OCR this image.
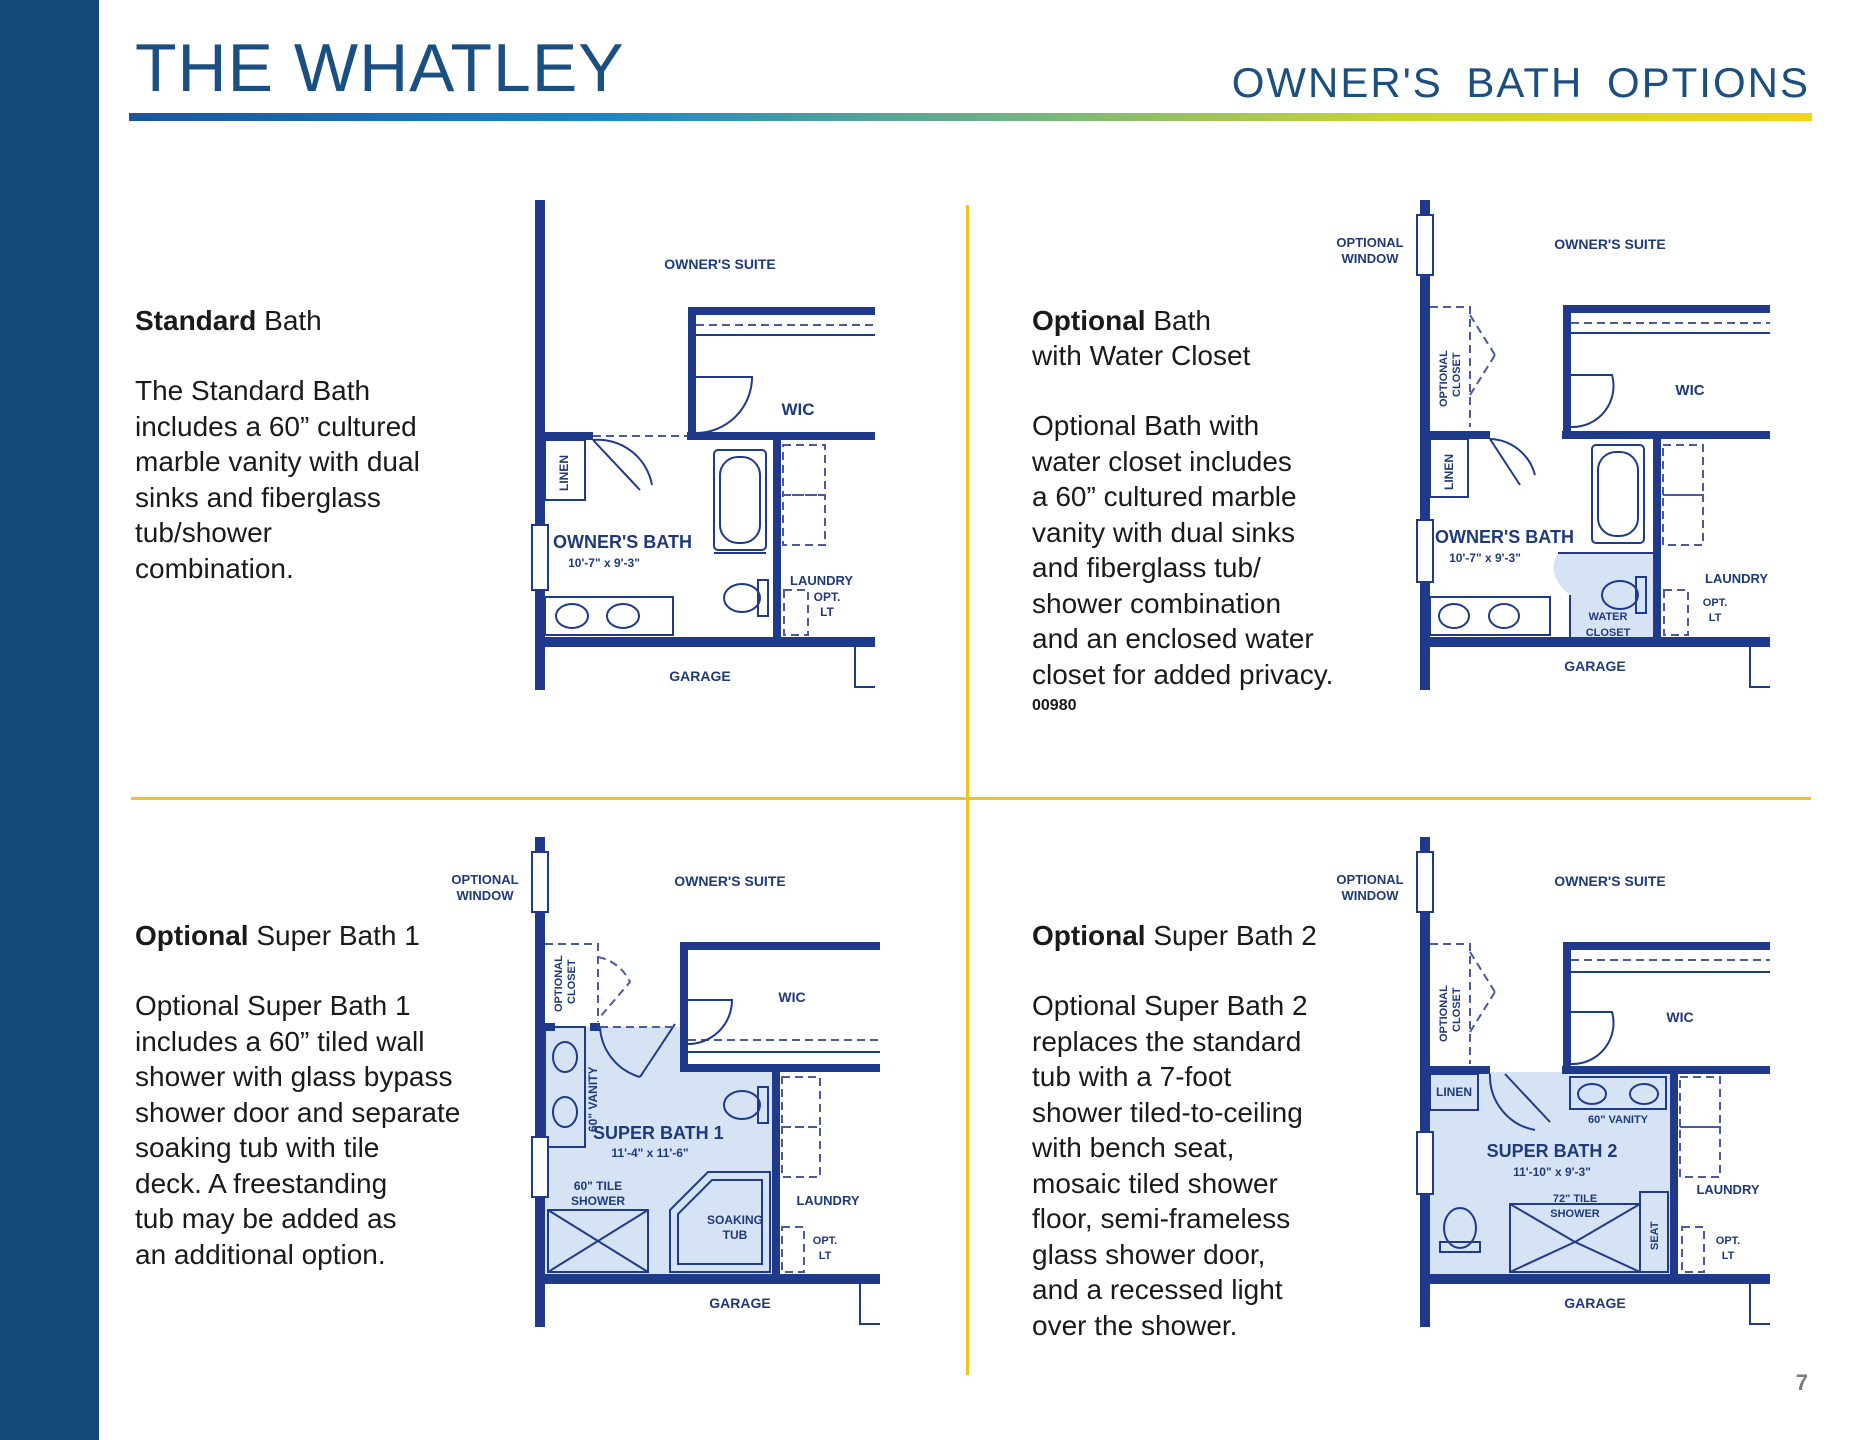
THE WHATLEY	OWNER'S BATH OPTIONS
Standard Bath
The Standard Bath
includes a 60” cultured
marble vanity with dual
sinks and fiberglass
tub/shower
combination.
Optional Bath
with Water Closet
Optional Bath with
water closet includes
a 60” cultured marble
vanity with dual sinks
and fiberglass tub/
shower combination
and an enclosed water
closet for added privacy.
00980
Optional Super Bath 1
Optional Super Bath 1
includes a 60” tiled wall
shower with glass bypass
shower door and separate
soaking tub with tile
deck. A freestanding
tub may be added as
an additional option.
Optional Super Bath 2
Optional Super Bath 2
replaces the standard
tub with a 7-foot
shower tiled-to-ceiling
with bench seat,
mosaic tiled shower
floor, semi-frameless
glass shower door,
and a recessed light
over the shower.
7
OWNER'S SUITE
WIC
LINEN
OWNER'S BATH
10'-7" x 9'-3"
LAUNDRY
OPT.
LT
GARAGE
OPTIONAL
WINDOW
OWNER'S SUITE
OPTIONAL CLOSET	WIC
LINEN
OWNER'S BATH
10'-7" x 9'-3"
WATER
CLOSET
LAUNDRY
OPT.
LT
GARAGE
OPTIONAL
WINDOW
OWNER'S SUITE
OPTIONAL CLOSET	WIC
60" VANITY
SUPER BATH 1
11'-4" x 11'-6"
60" TILE
SHOWER
SOAKING
TUB
LAUNDRY
OPT.
LT
GARAGE
OPTIONAL
WINDOW
OWNER'S SUITE
OPTIONAL CLOSET	WIC
LINEN
60" VANITY
SUPER BATH 2
11'-10" x 9'-3"
72" TILE
SHOWER
SEAT
LAUNDRY
OPT.
LT
GARAGE
